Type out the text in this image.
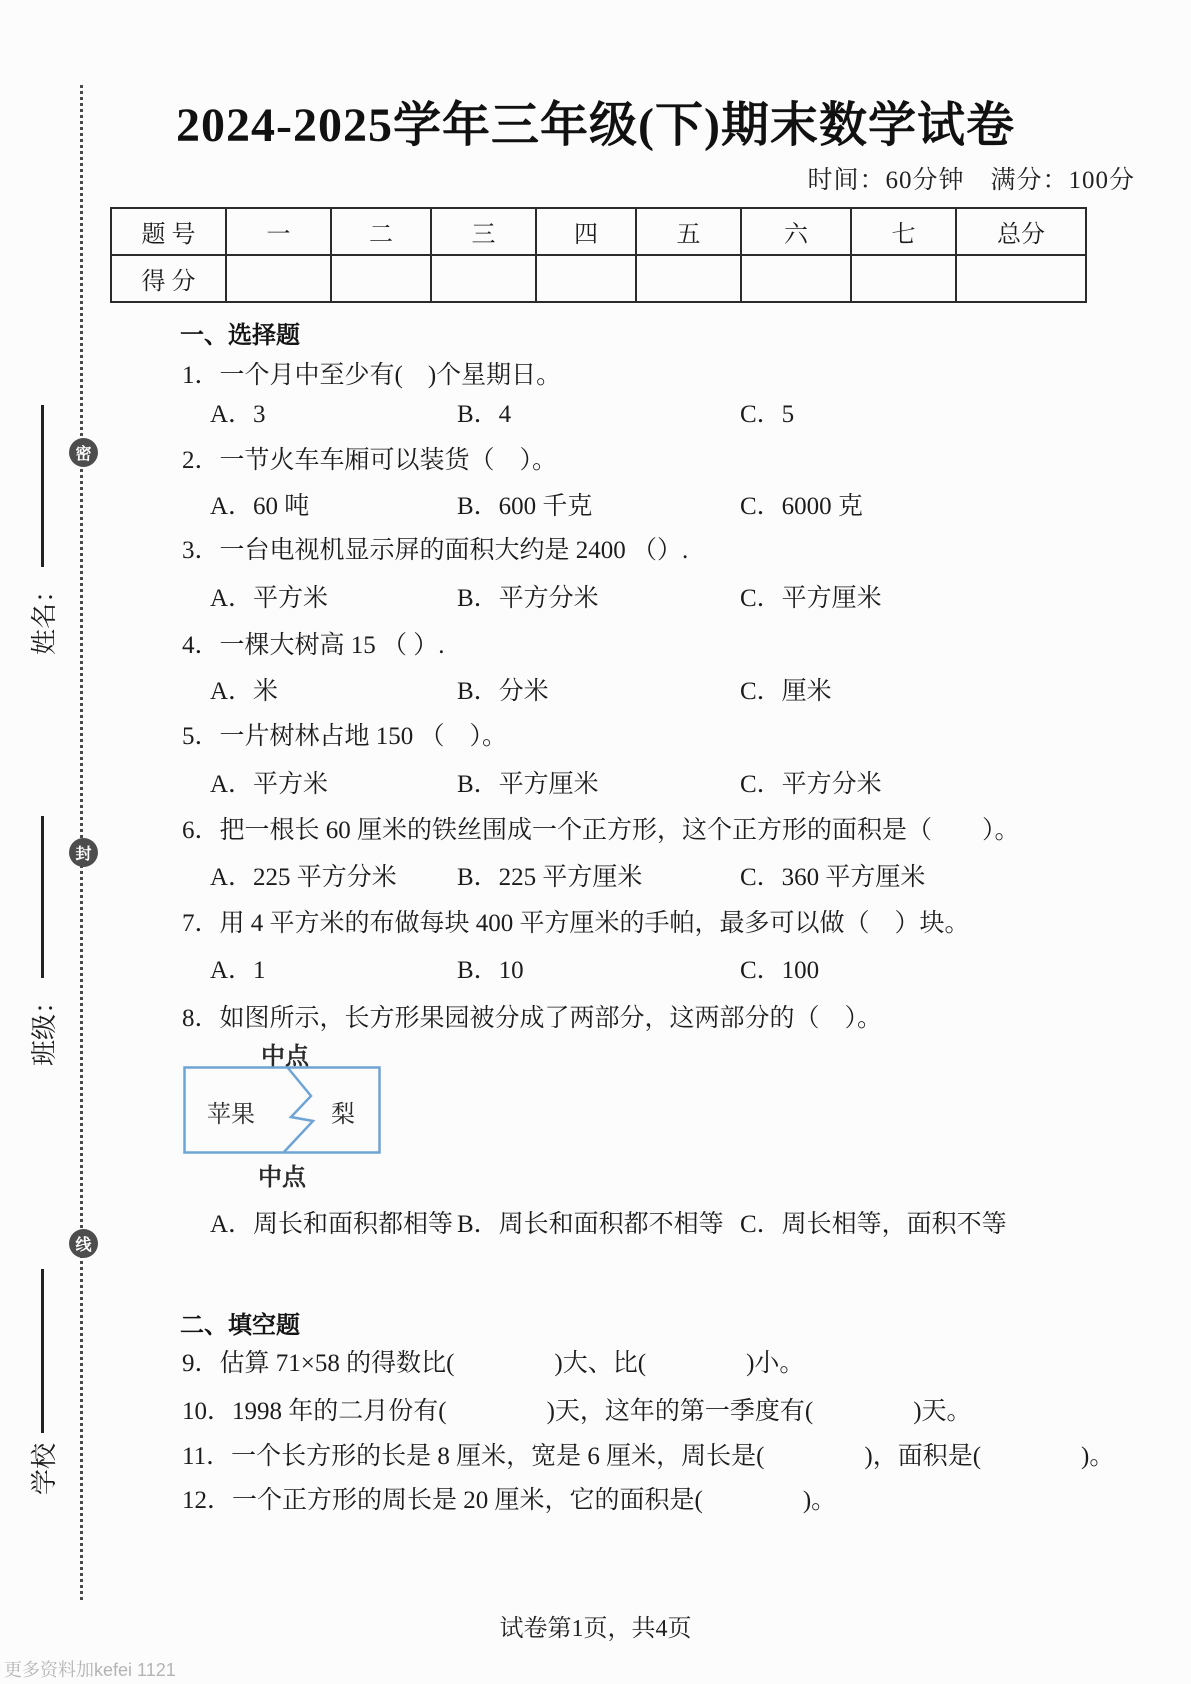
密
封
线
姓名：
班级：
学校
2024-2025学年三年级(下)期末数学试卷
时间：60分钟　满分：100分
题 号	一	二	三	四	五	六	七	总分
得 分								
一、选择题
1．一个月中至少有(　)个星期日。
A．3	B．4	C．5
2．一节火车车厢可以装货（　）。
A．60 吨	B．600 千克	C．6000 克
3．一台电视机显示屏的面积大约是 2400 （）.
A．平方米	B．平方分米	C．平方厘米
4．一棵大树高 15 （ ）.
A．米	B．分米	C．厘米
5．一片树林占地 150 （　）。
A．平方米	B．平方厘米	C．平方分米
6．把一根长 60 厘米的铁丝围成一个正方形，这个正方形的面积是（　　）。
A．225 平方分米 B．225 平方厘米	C．360 平方厘米
7．用 4 平方米的布做每块 400 平方厘米的手帕，最多可以做（　）块。
A．1	B．10	C．100
8．如图所示，长方形果园被分成了两部分，这两部分的（　）。
中点
苹果	梨
中点
A．周长和面积都相等 B．周长和面积都不相等 C．周长相等，面积不等
二、填空题
9．估算 71×58 的得数比(　　　　)大、比(　　　　)小。
10．1998 年的二月份有(　　　　)天，这年的第一季度有(　　　　)天。
11．一个长方形的长是 8 厘米，宽是 6 厘米，周长是(　　　　)，面积是(　　　　)。
12．一个正方形的周长是 20 厘米，它的面积是(　　　　)。
试卷第1页，共4页
更多资料加kefei 1121
